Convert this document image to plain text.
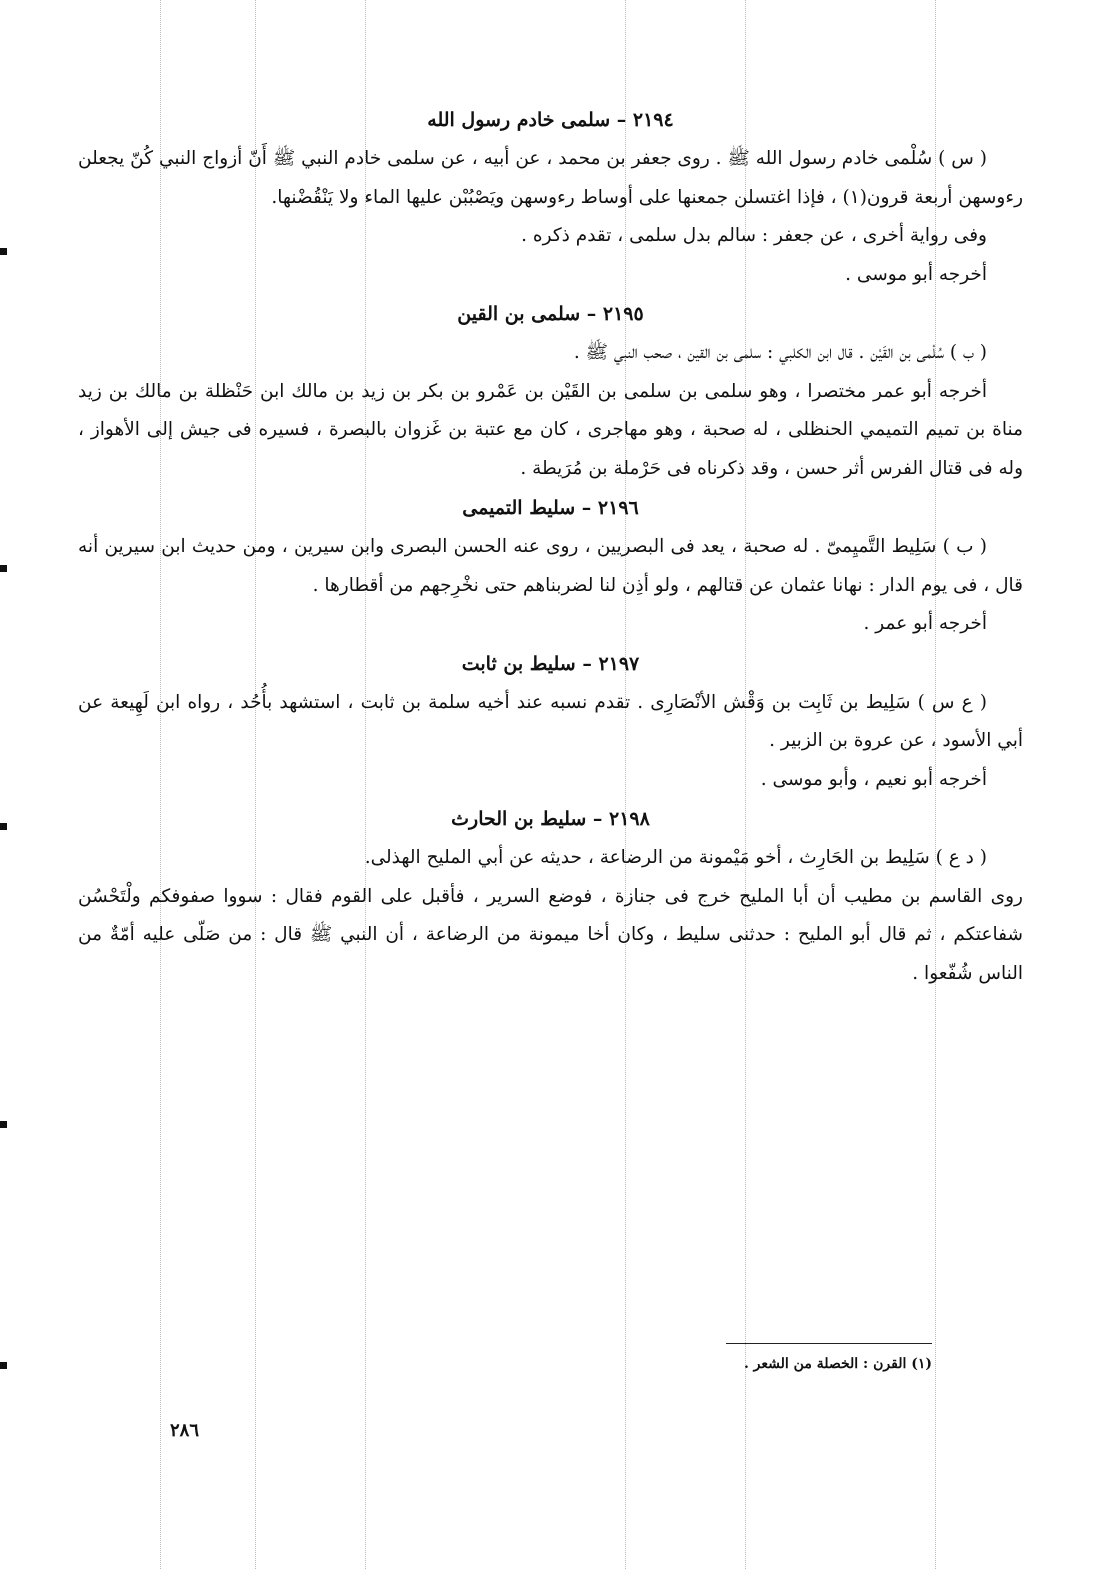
٢١٩٤ – سلمى خادم رسول الله

( س ) سُلْمى خادم رسول الله ﷺ . روى جعفر بن محمد ، عن أبيه ، عن سلمى خادم النبي ﷺ أَنّ أزواج النبي كُنّ يجعلن رءوسهن أربعة قرون(١) ، فإذا اغتسلن جمعنها على أوساط رءوسهن ويَصْبُبْن عليها الماء ولا يَنْقُضْنها.

وفى رواية أخرى ، عن جعفر : سالم بدل سلمى ، تقدم ذكره .

أخرجه أبو موسى .

٢١٩٥ – سلمى بن القين

( ب ) سُلْمى بن القَيْن . قال ابن الكلبي : سلمى بن القين ، صحب النبي ﷺ .

أخرجه أبو عمر مختصرا ، وهو سلمى بن سلمى بن القَيْن بن عَمْرو بن بكر بن زيد بن مالك ابن حَنْظلة بن مالك بن زيد مناة بن تميم التميمي الحنظلى ، له صحبة ، وهو مهاجرى ، كان مع عتبة بن غَزوان بالبصرة ، فسيره فى جيش إلى الأهواز ، وله فى قتال الفرس أثر حسن ، وقد ذكرناه فى حَرْملة بن مُرَيطة .

٢١٩٦ – سليط التميمى

( ب ) سَلِيط التَّميِمىّ . له صحبة ، يعد فى البصريين ، روى عنه الحسن البصرى وابن سيرين ، ومن حديث ابن سيرين أنه قال ، فى يوم الدار : نهانا عثمان عن قتالهم ، ولو أذِن لنا لضربناهم حتى نخْرِجهم من أقطارها .

أخرجه أبو عمر .

٢١٩٧ – سليط بن ثابت

( ع س ) سَلِيط بن ثَابِت بن وَقْش الأنْصَارِى . تقدم نسبه عند أخيه سلمة بن ثابت ، استشهد بأُحُد ، رواه ابن لَهِيعة عن أبي الأسود ، عن عروة بن الزبير .

أخرجه أبو نعيم ، وأبو موسى .

٢١٩٨ – سليط بن الحارث

( د ع ) سَلِيط بن الحَارِث ، أخو مَيْمونة من الرضاعة ، حديثه عن أبي المليح الهذلى.

روى القاسم بن مطيب أن أبا المليح خرج فى جنازة ، فوضع السرير ، فأقبل على القوم فقال : سووا صفوفكم ولْتَحْسُن شفاعتكم ، ثم قال أبو المليح : حدثنى سليط ، وكان أخا ميمونة من الرضاعة ، أن النبي ﷺ قال : من صَلّى عليه أمّةٌ من الناس شُفّعوا .

(١) القرن : الخصلة من الشعر .
٢٨٦
